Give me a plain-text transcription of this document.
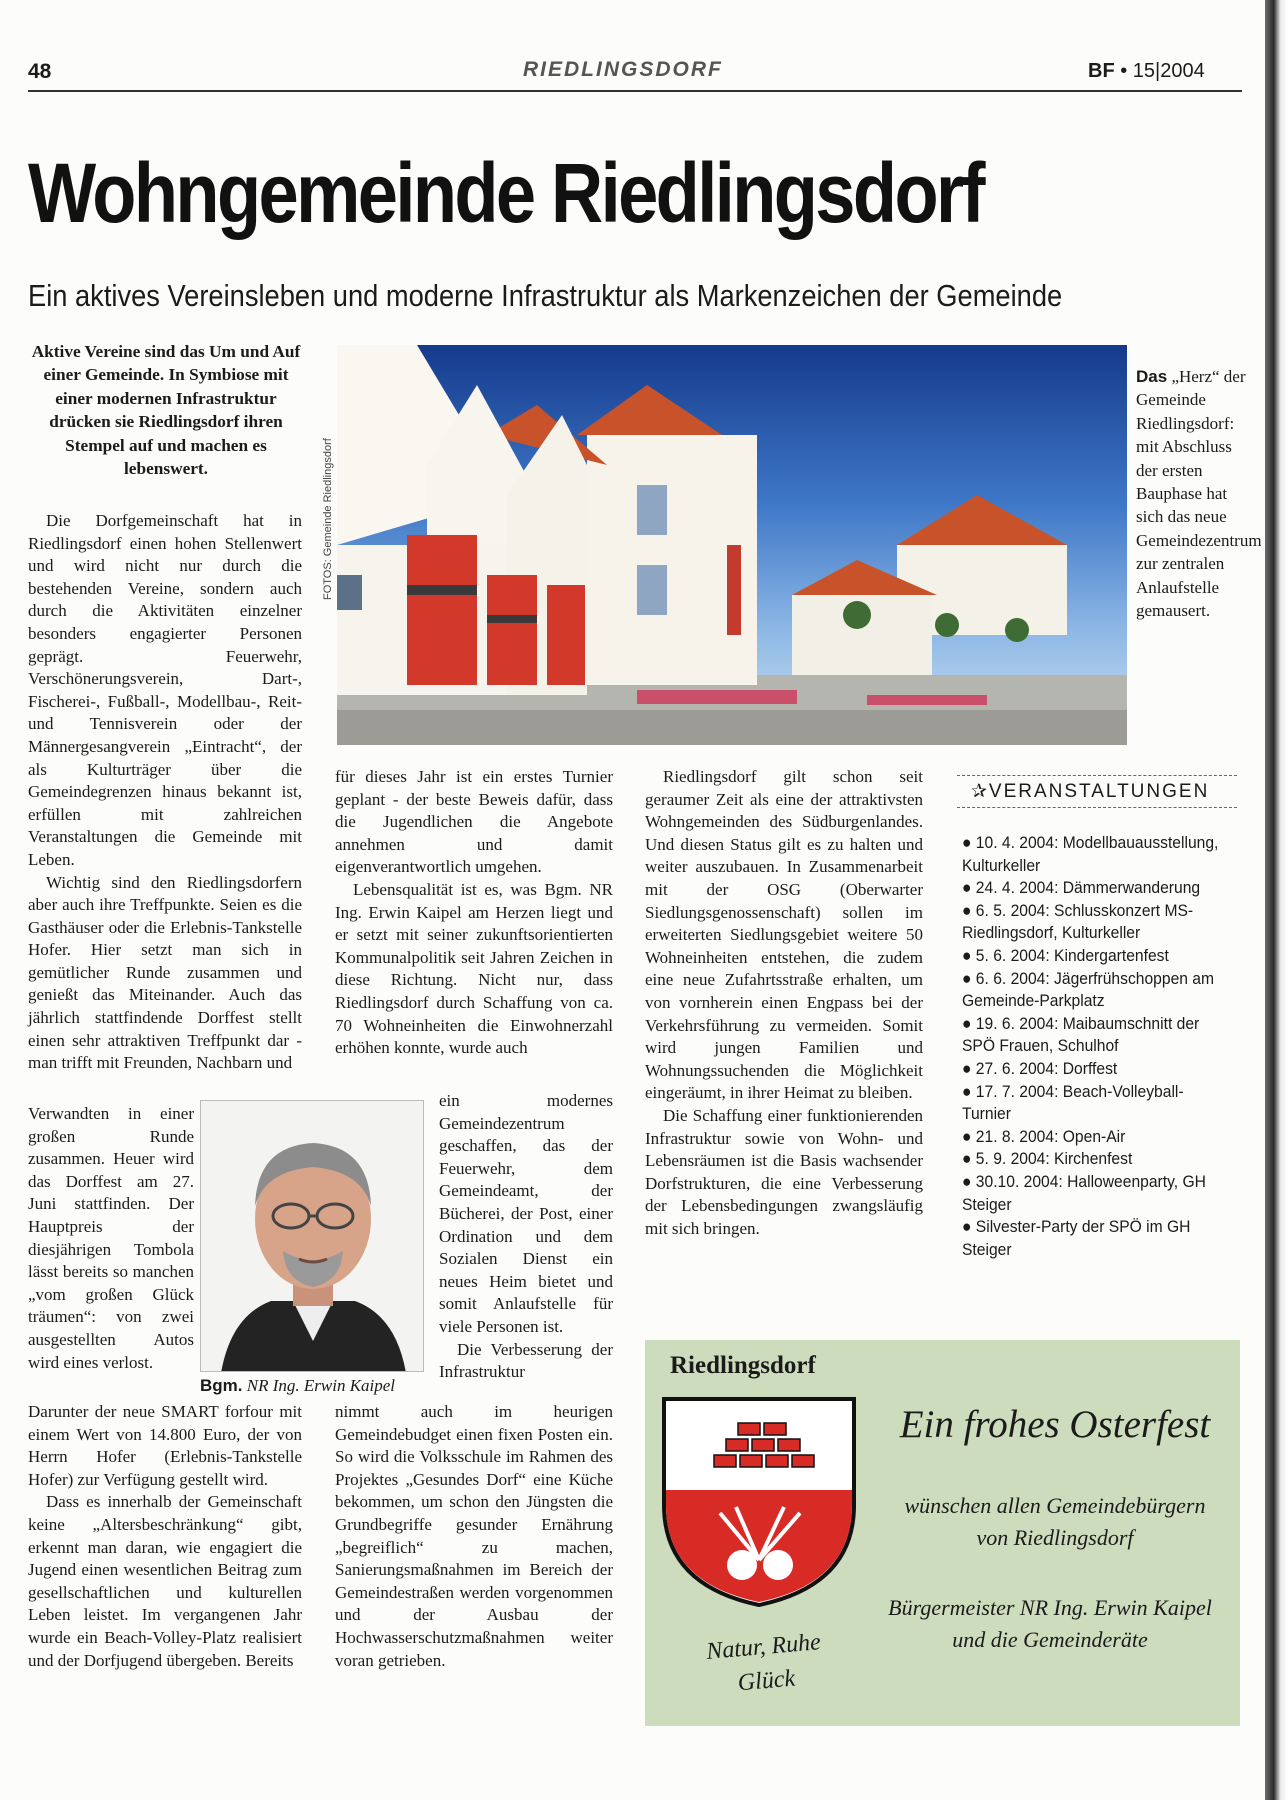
48	RIEDLINGSDORF	BF • 15|2004
Wohngemeinde Riedlingsdorf
Ein aktives Vereinsleben und moderne Infrastruktur als Markenzeichen der Gemeinde
Aktive Vereine sind das Um und Auf einer Gemeinde. In Symbiose mit einer modernen Infrastruktur drücken sie Riedlingsdorf ihren Stempel auf und machen es lebenswert.

Die Dorfgemeinschaft hat in Riedlingsdorf einen hohen Stellenwert und wird nicht nur durch die bestehenden Vereine, sondern auch durch die Aktivitäten einzelner besonders engagierter Personen geprägt. Feuerwehr, Verschönerungsverein, Dart-, Fischerei-, Fußball-, Modellbau-, Reit- und Tennisverein oder der Männergesangverein „Eintracht“, der als Kulturträger über die Gemeindegrenzen hinaus bekannt ist, erfüllen mit zahlreichen Veranstaltungen die Gemeinde mit Leben.

Wichtig sind den Riedlingsdorfern aber auch ihre Treffpunkte. Seien es die Gasthäuser oder die Erlebnis-Tankstelle Hofer. Hier setzt man sich in gemütlicher Runde zusammen und genießt das Miteinander. Auch das jährlich stattfindende Dorffest stellt einen sehr attraktiven Treffpunkt dar - man trifft mit Freunden, Nachbarn und

Verwandten in einer großen Runde zusammen. Heuer wird das Dorffest am 27. Juni stattfinden. Der Hauptpreis der diesjährigen Tombola lässt bereits so manchen „vom großen Glück träumen“: von zwei ausgestellten Autos wird eines verlost.

Darunter der neue SMART forfour mit einem Wert von 14.800 Euro, der von Herrn Hofer (Erlebnis-Tankstelle Hofer) zur Verfügung gestellt wird.

Dass es innerhalb der Gemeinschaft keine „Altersbeschränkung“ gibt, erkennt man daran, wie engagiert die Jugend einen wesentlichen Beitrag zum gesellschaftlichen und kulturellen Leben leistet. Im vergangenen Jahr wurde ein Beach-Volley-Platz realisiert und der Dorfjugend übergeben. Bereits

Bgm. NR Ing. Erwin Kaipel
FOTOS: Gemeinde Riedlingsdorf
Das „Herz“ der Gemeinde Riedlingsdorf: mit Abschluss der ersten Bauphase hat sich das neue Gemeindezentrum zur zentralen Anlaufstelle gemausert.

für dieses Jahr ist ein erstes Turnier geplant - der beste Beweis dafür, dass die Jugendlichen die Angebote annehmen und damit eigenverantwortlich umgehen.

Lebensqualität ist es, was Bgm. NR Ing. Erwin Kaipel am Herzen liegt und er setzt mit seiner zukunftsorientierten Kommunalpolitik seit Jahren Zeichen in diese Richtung. Nicht nur, dass Riedlingsdorf durch Schaffung von ca. 70 Wohneinheiten die Einwohnerzahl erhöhen konnte, wurde auch

ein modernes Gemeindezentrum geschaffen, das der Feuerwehr, dem Gemeindeamt, der Bücherei, der Post, einer Ordination und dem Sozialen Dienst ein neues Heim bietet und somit Anlaufstelle für viele Personen ist.

Die Verbesserung der Infrastruktur

nimmt auch im heurigen Gemeindebudget einen fixen Posten ein. So wird die Volksschule im Rahmen des Projektes „Gesundes Dorf“ eine Küche bekommen, um schon den Jüngsten die Grundbegriffe gesunder Ernährung „begreiflich“ zu machen, Sanierungsmaßnahmen im Bereich der Gemeindestraßen werden vorgenommen und der Ausbau der Hochwasserschutzmaßnahmen weiter voran getrieben.

Riedlingsdorf gilt schon seit geraumer Zeit als eine der attraktivsten Wohngemeinden des Südburgenlandes. Und diesen Status gilt es zu halten und weiter auszubauen. In Zusammenarbeit mit der OSG (Oberwarter Siedlungsgenossenschaft) sollen im erweiterten Siedlungsgebiet weitere 50 Wohneinheiten entstehen, die zudem eine neue Zufahrtsstraße erhalten, um von vornherein einen Engpass bei der Verkehrsführung zu vermeiden. Somit wird jungen Familien und Wohnungssuchenden die Möglichkeit eingeräumt, in ihrer Heimat zu bleiben.

Die Schaffung einer funktionierenden Infrastruktur sowie von Wohn- und Lebensräumen ist die Basis wachsender Dorfstrukturen, die eine Verbesserung der Lebensbedingungen zwangsläufig mit sich bringen.

✰VERANSTALTUNGEN
● 10. 4. 2004: Modellbauausstellung, Kulturkeller
● 24. 4. 2004: Dämmerwanderung
● 6. 5. 2004: Schlusskonzert MS-Riedlingsdorf, Kulturkeller
● 5. 6. 2004: Kindergartenfest
● 6. 6. 2004: Jägerfrühschoppen am Gemeinde-Parkplatz
● 19. 6. 2004: Maibaumschnitt der SPÖ Frauen, Schulhof
● 27. 6. 2004: Dorffest
● 17. 7. 2004: Beach-Volleyball-Turnier
● 21. 8. 2004: Open-Air
● 5. 9. 2004: Kirchenfest
● 30.10. 2004: Halloweenparty, GH Steiger
● Silvester-Party der SPÖ im GH Steiger
Riedlingsdorf
Natur, Ruhe
Glück
Ein frohes Osterfest
wünschen allen Gemeindebürgern
von Riedlingsdorf
Bürgermeister NR Ing. Erwin Kaipel
und die Gemeinderäte
